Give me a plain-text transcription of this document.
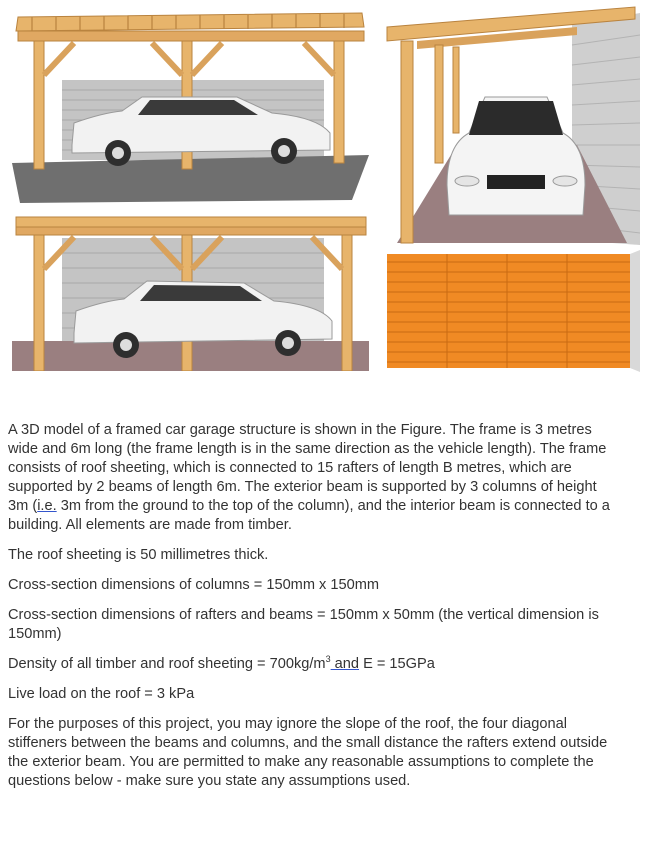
A 3D model of a framed car garage structure is shown in the Figure. The frame is 3 metres wide and 6m long (the frame length is in the same direction as the vehicle length). The frame consists of roof sheeting, which is connected to 15 rafters of length B metres, which are supported by 2 beams of length 6m. The exterior beam is supported by 3 columns of height 3m (i.e. 3m from the ground to the top of the column), and the interior beam is connected to a building. All elements are made from timber.

The roof sheeting is 50 millimetres thick.

Cross-section dimensions of columns = 150mm x 150mm

Cross-section dimensions of rafters and beams = 150mm x 50mm (the vertical dimension is 150mm)

Density of all timber and roof sheeting = $700kg/m^3$ and E = 15GPa

Live load on the roof = 3 kPa

For the purposes of this project, you may ignore the slope of the roof, the four diagonal stiffeners between the beams and columns, and the small distance the rafters extend outside the exterior beam. You are permitted to make any reasonable assumptions to complete the questions below - make sure you state any assumptions used.
